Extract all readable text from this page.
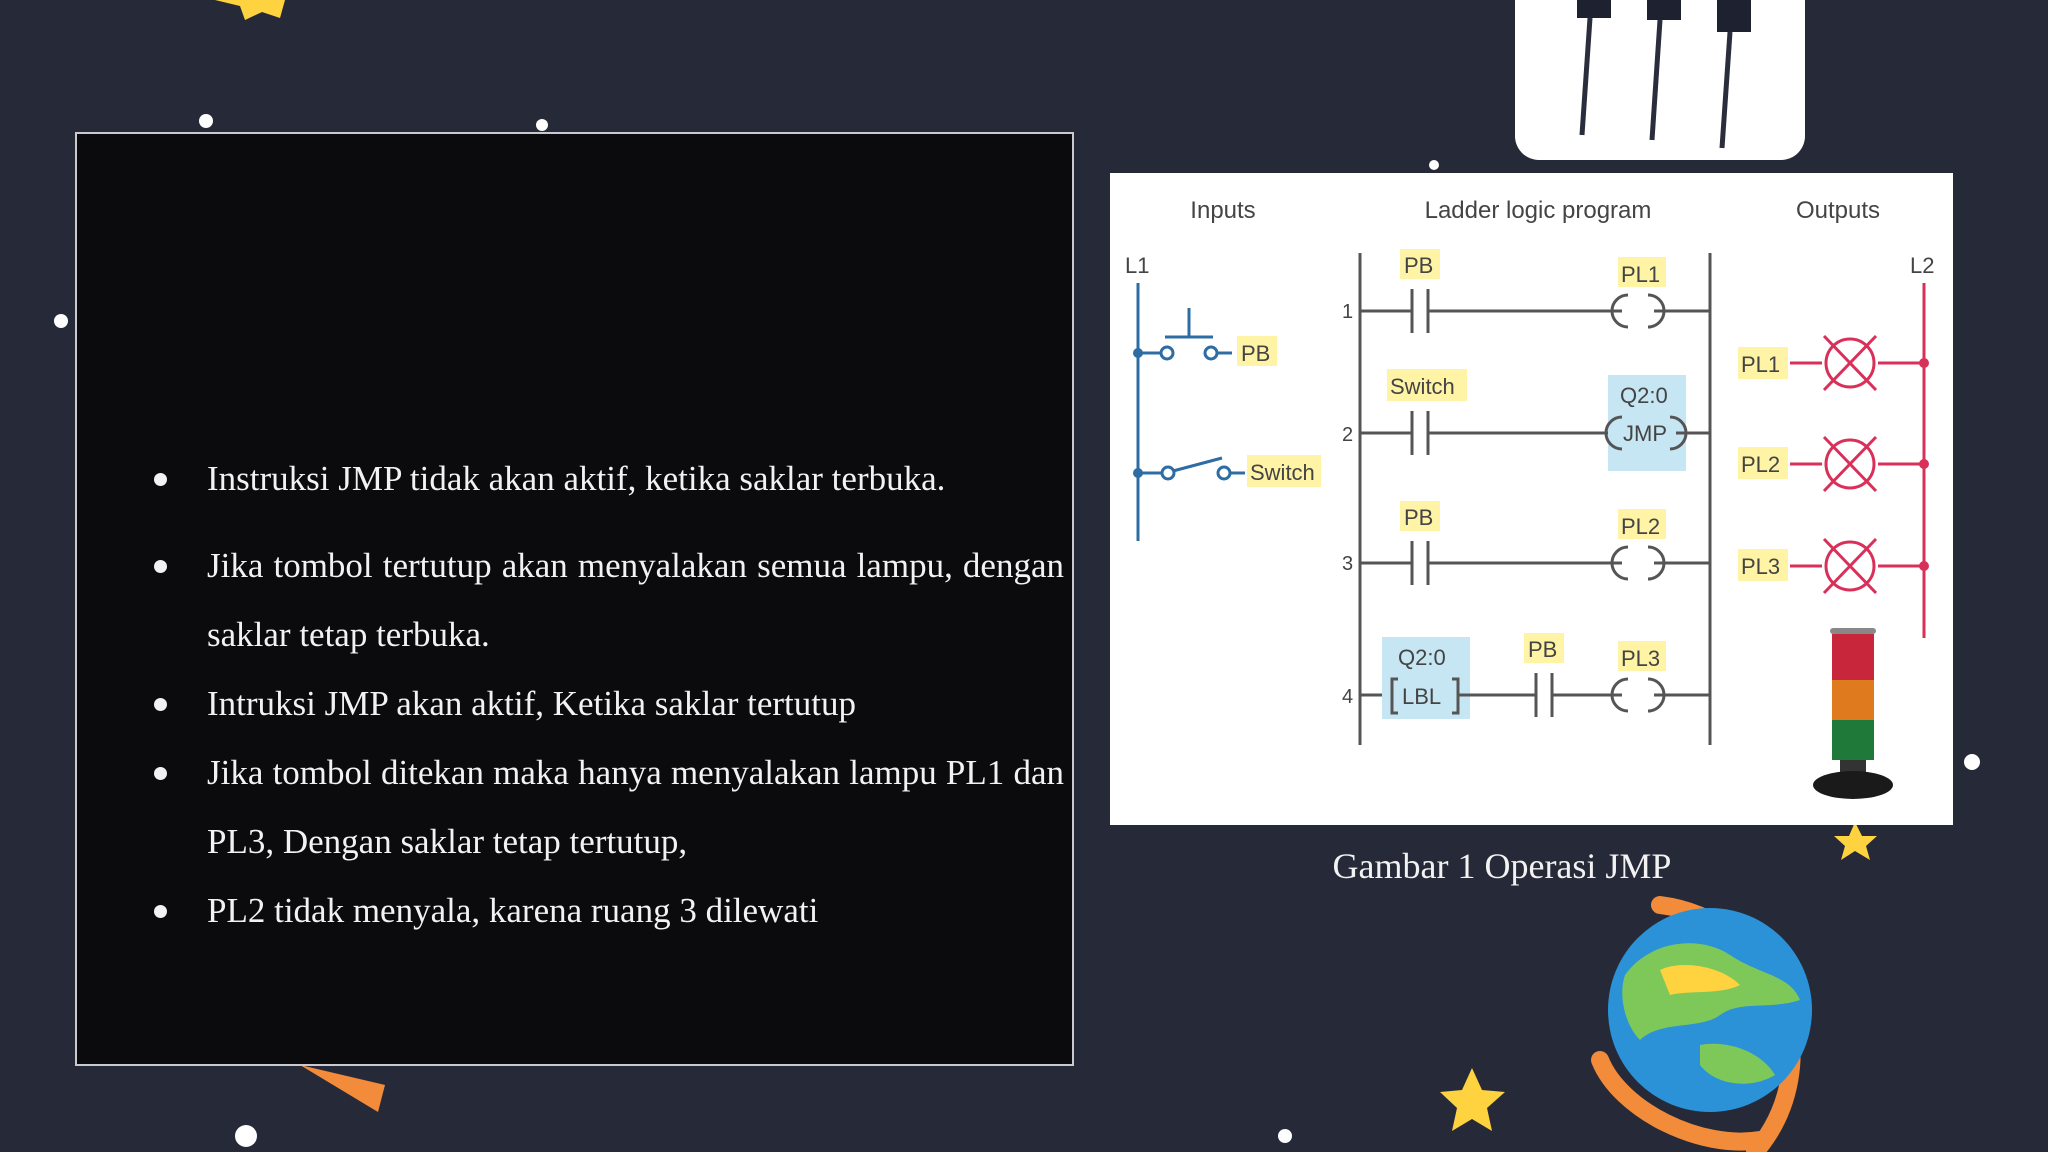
Instruksi JMP tidak akan aktif, ketika saklar terbuka.
Jika tombol tertutup akan menyalakan semua lampu, dengan saklar tetap terbuka.
Intruksi JMP akan aktif, Ketika saklar tertutup
Jika tombol ditekan maka hanya menyalakan lampu PL1 dan PL3, Dengan saklar tetap tertutup,
PL2 tidak menyala, karena ruang 3 dilewati
Inputs	Ladder logic program	Outputs
L1
PB
Switch
1
PB	PL1
2
Switch	Q2:0
JMP
3
PB	PL2
4
Q2:0
LBL
PB	PL3
L2
PL1
PL2
PL3
Gambar 1 Operasi JMP
